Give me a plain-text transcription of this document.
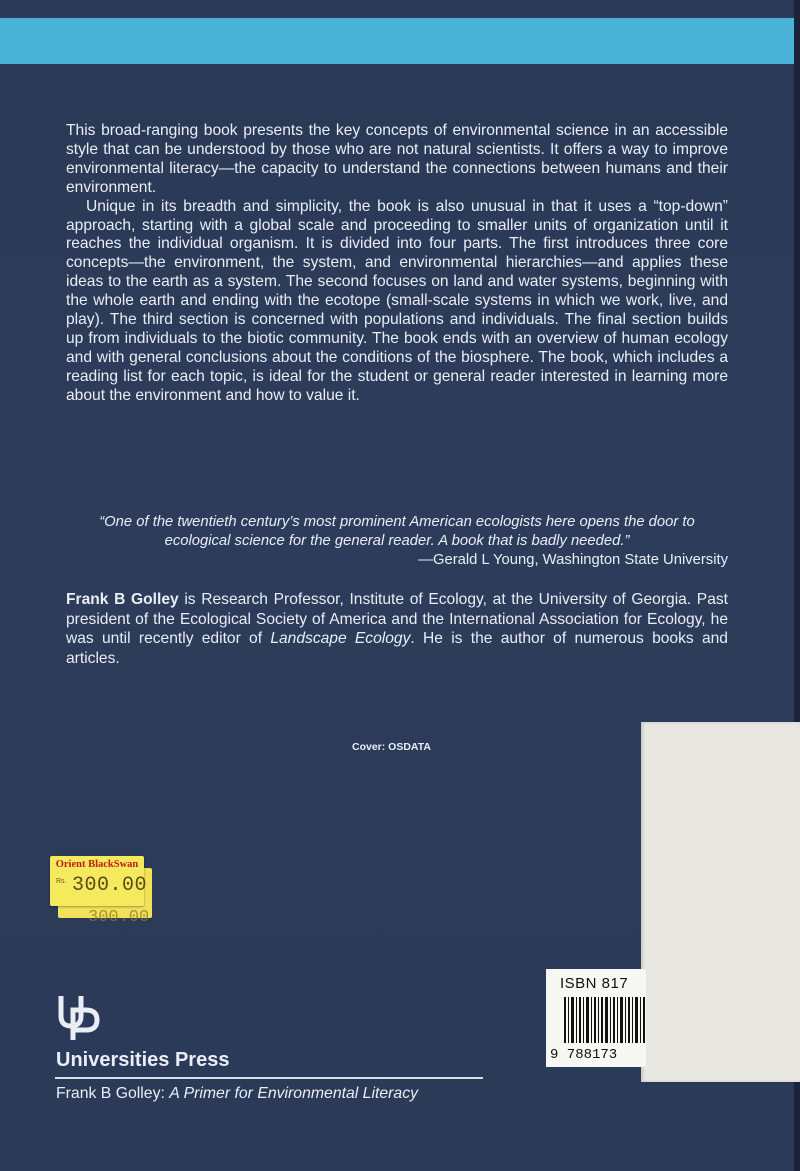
This broad-ranging book presents the key concepts of environmental science in an accessible style that can be understood by those who are not natural scientists. It offers a way to improve environmental literacy—the capacity to understand the connections between humans and their environment.

Unique in its breadth and simplicity, the book is also unusual in that it uses a “top-down” approach, starting with a global scale and proceeding to smaller units of organization until it reaches the individual organism. It is divided into four parts. The first introduces three core concepts—the environment, the system, and environmental hierarchies—and applies these ideas to the earth as a system. The second focuses on land and water systems, beginning with the whole earth and ending with the ecotope (small-scale systems in which we work, live, and play). The third section is concerned with populations and individuals. The final section builds up from individuals to the biotic community. The book ends with an overview of human ecology and with general conclusions about the conditions of the biosphere. The book, which includes a reading list for each topic, is ideal for the student or general reader interested in learning more about the environment and how to value it.

“One of the twentieth century’s most prominent American ecologists here opens the door to ecological science for the general reader. A book that is badly needed.”
—Gerald L Young, Washington State University
Frank B Golley is Research Professor, Institute of Ecology, at the University of Georgia. Past president of the Ecological Society of America and the International Association for Ecology, he was until recently editor of Landscape Ecology. He is the author of numerous books and articles.
Cover: OSDATA
300.00
Orient BlackSwan
Rs. 300.00
ISBN 817
9 788173
Universities Press
Frank B Golley: A Primer for Environmental Literacy
